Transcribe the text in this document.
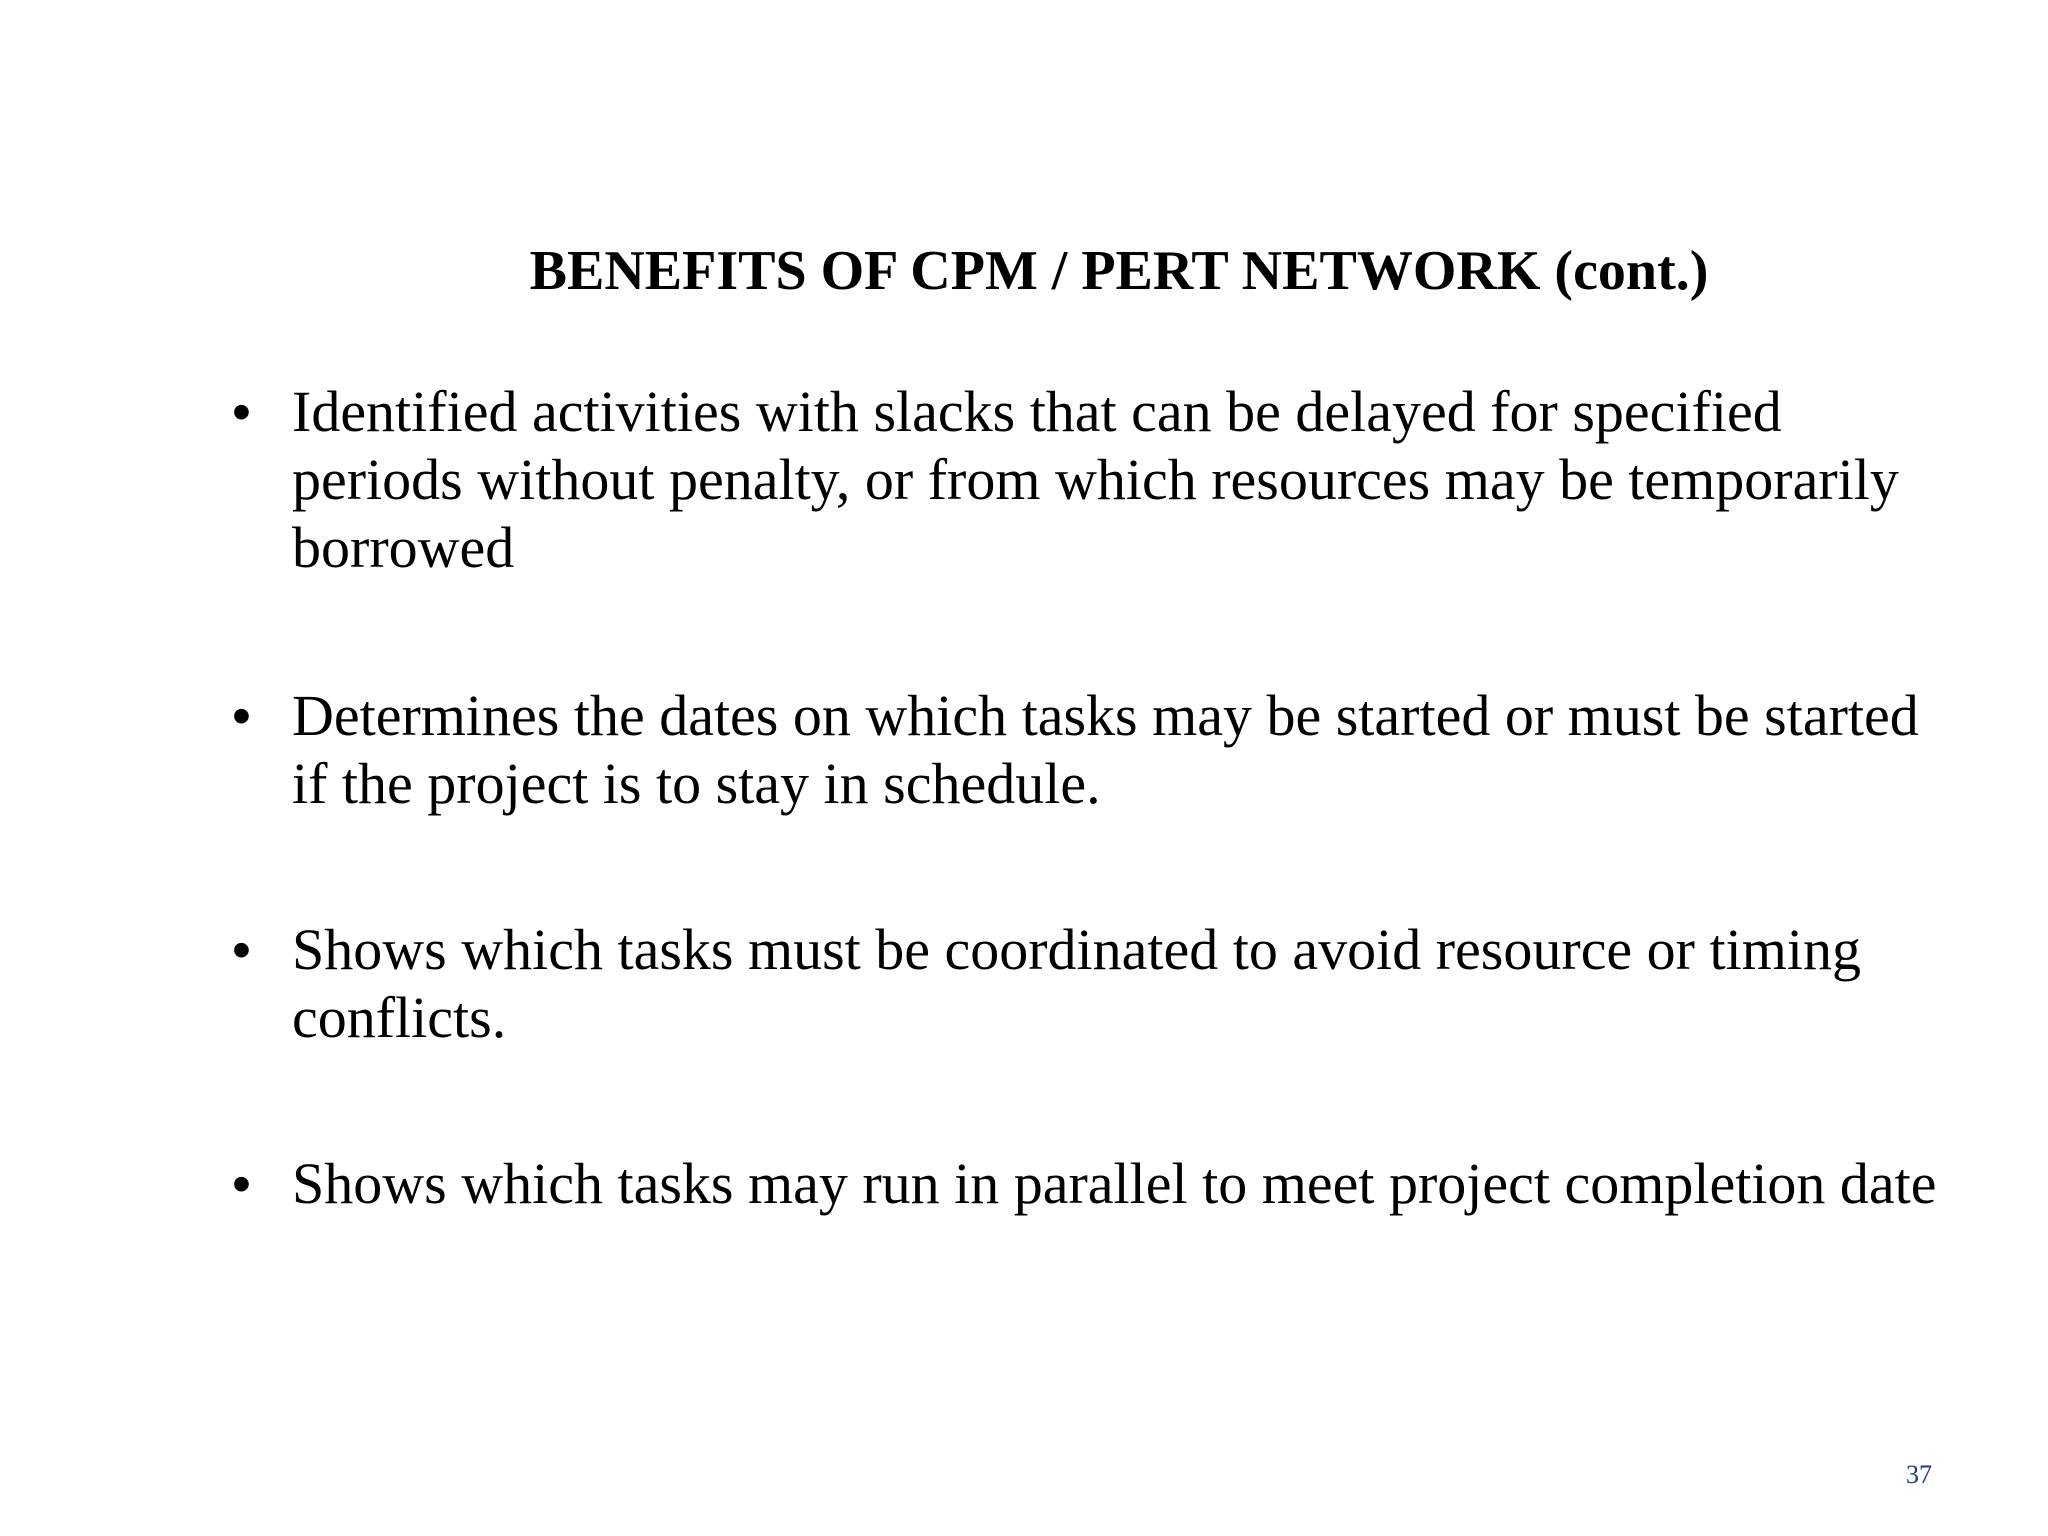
BENEFITS OF CPM / PERT NETWORK (cont.)
• Identified activities with slacks that can be delayed for specified periods without penalty, or from which resources may be temporarily borrowed
• Determines the dates on which tasks may be started or must be started if the project is to stay in schedule.
• Shows which tasks must be coordinated to avoid resource or timing conflicts.
• Shows which tasks may run in parallel to meet project completion date
37
